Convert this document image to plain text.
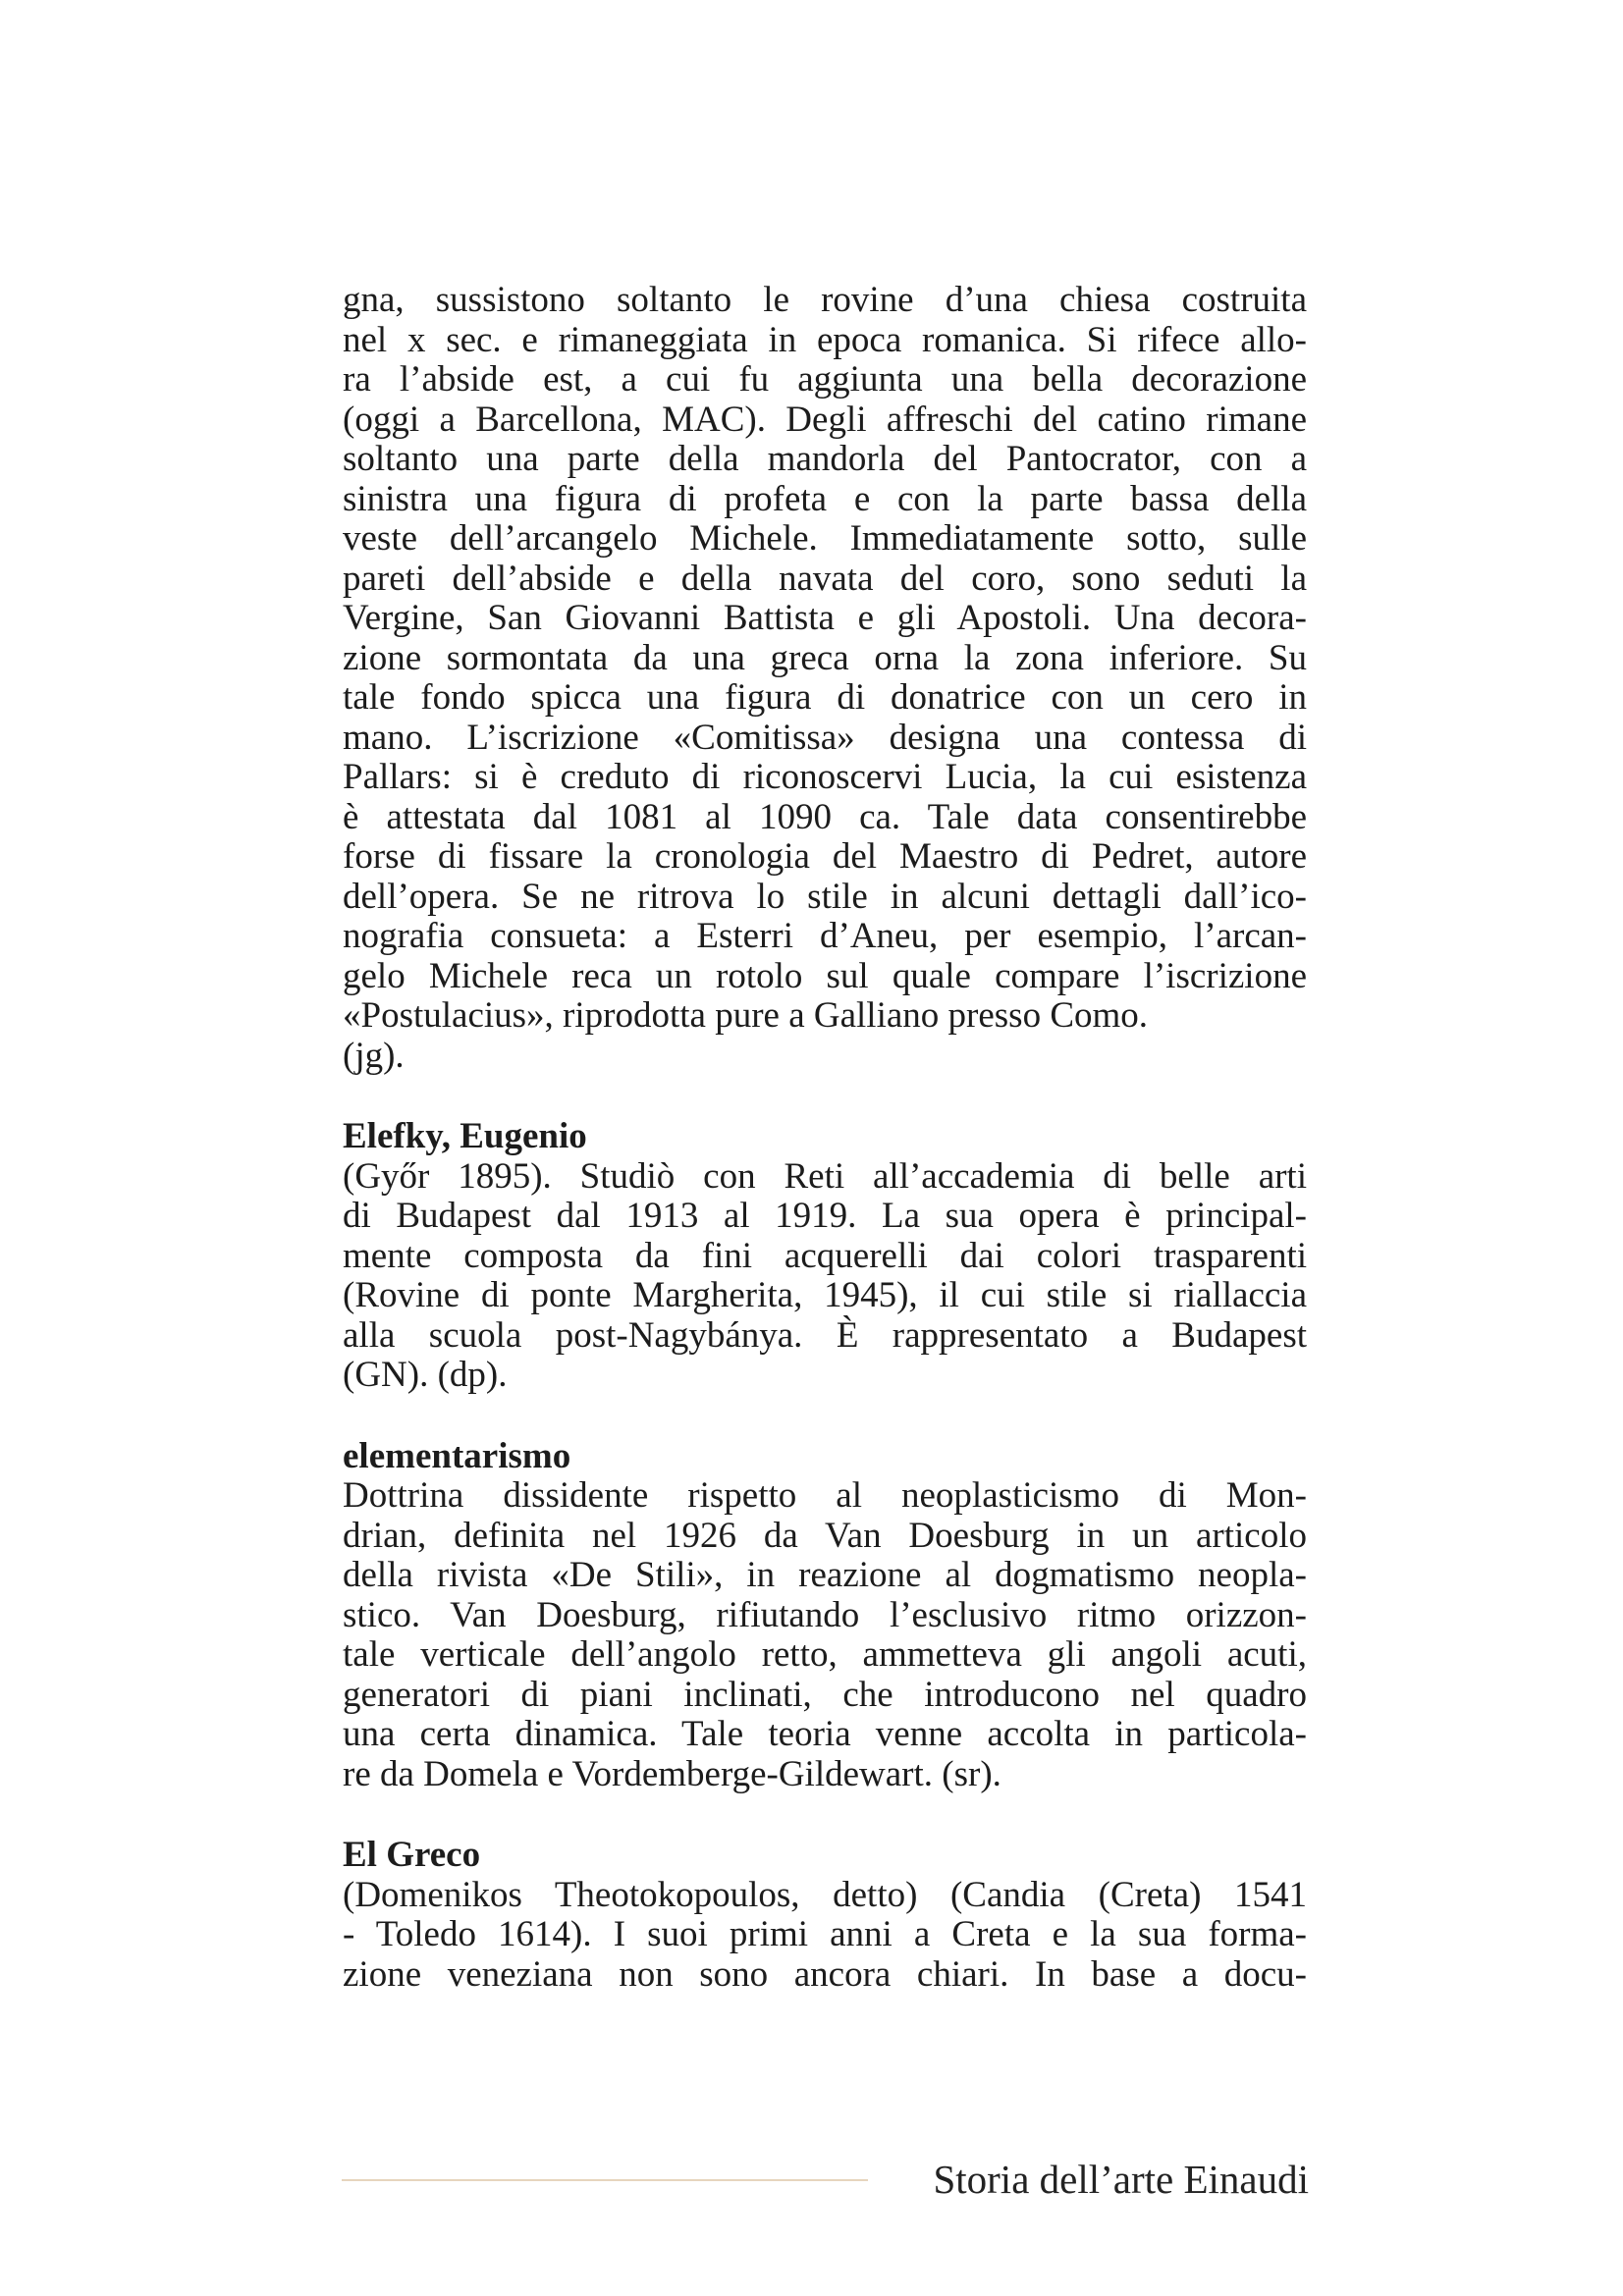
gna, sussistono soltanto le rovine d’una chiesa costruita
nel x sec. e rimaneggiata in epoca romanica. Si rifece allo-
ra l’abside est, a cui fu aggiunta una bella decorazione
(oggi a Barcellona, MAC). Degli affreschi del catino rimane
soltanto una parte della mandorla del Pantocrator, con a
sinistra una figura di profeta e con la parte bassa della
veste dell’arcangelo Michele. Immediatamente sotto, sulle
pareti dell’abside e della navata del coro, sono seduti la
Vergine, San Giovanni Battista e gli Apostoli. Una decora-
zione sormontata da una greca orna la zona inferiore. Su
tale fondo spicca una figura di donatrice con un cero in
mano. L’iscrizione «Comitissa» designa una contessa di
Pallars: si è creduto di riconoscervi Lucia, la cui esistenza
è attestata dal 1081 al 1090 ca. Tale data consentirebbe
forse di fissare la cronologia del Maestro di Pedret, autore
dell’opera. Se ne ritrova lo stile in alcuni dettagli dall’ico-
nografia consueta: a Esterri d’Aneu, per esempio, l’arcan-
gelo Michele reca un rotolo sul quale compare l’iscrizione
«Postulacius», riprodotta pure a Galliano presso Como.
(jg).
Elefky, Eugenio
(Győr 1895). Studiò con Reti all’accademia di belle arti
di Budapest dal 1913 al 1919. La sua opera è principal-
mente composta da fini acquerelli dai colori trasparenti
(Rovine di ponte Margherita, 1945), il cui stile si riallaccia
alla scuola post-Nagybánya. È rappresentato a Budapest
(GN). (dp).
elementarismo
Dottrina dissidente rispetto al neoplasticismo di Mon-
drian, definita nel 1926 da Van Doesburg in un articolo
della rivista «De Stili», in reazione al dogmatismo neopla-
stico. Van Doesburg, rifiutando l’esclusivo ritmo orizzon-
tale verticale dell’angolo retto, ammetteva gli angoli acuti,
generatori di piani inclinati, che introducono nel quadro
una certa dinamica. Tale teoria venne accolta in particola-
re da Domela e Vordemberge-Gildewart. (sr).
El Greco
(Domenikos Theotokopoulos, detto) (Candia (Creta) 1541
- Toledo 1614). I suoi primi anni a Creta e la sua forma-
zione veneziana non sono ancora chiari. In base a docu-
Storia dell’arte Einaudi
